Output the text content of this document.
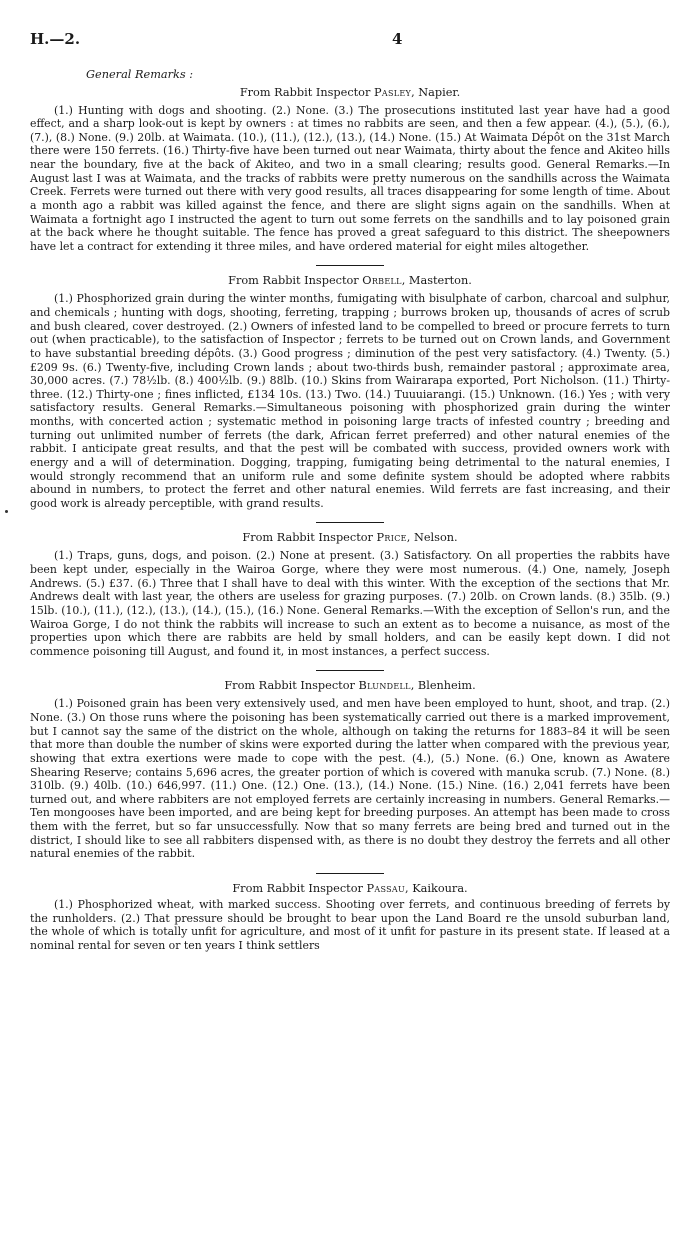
H.—2.	4
General Remarks :
From Rabbit Inspector Pasley, Napier.

(1.) Hunting with dogs and shooting. (2.) None. (3.) The prosecutions instituted last year have had a good effect, and a sharp look-out is kept by owners : at times no rabbits are seen, and then a few appear. (4.), (5.), (6.), (7.), (8.) None. (9.) 20lb. at Waimata. (10.), (11.), (12.), (13.), (14.) None. (15.) At Waimata Dépôt on the 31st March there were 150 ferrets. (16.) Thirty-five have been turned out near Waimata, thirty about the fence and Akiteo hills near the boundary, five at the back of Akiteo, and two in a small clearing; results good. General Remarks.—In August last I was at Waimata, and the tracks of rabbits were pretty numerous on the sandhills across the Waimata Creek. Ferrets were turned out there with very good results, all traces disappearing for some length of time. About a month ago a rabbit was killed against the fence, and there are slight signs again on the sandhills. When at Waimata a fortnight ago I instructed the agent to turn out some ferrets on the sandhills and to lay poisoned grain at the back where he thought suitable. The fence has proved a great safeguard to this district. The sheepowners have let a contract for extending it three miles, and have ordered material for eight miles altogether.

From Rabbit Inspector Orbell, Masterton.

(1.) Phosphorized grain during the winter months, fumigating with bisulphate of carbon, charcoal and sulphur, and chemicals ; hunting with dogs, shooting, ferreting, trapping ; burrows broken up, thousands of acres of scrub and bush cleared, cover destroyed. (2.) Owners of infested land to be compelled to breed or procure ferrets to turn out (when practicable), to the satisfaction of Inspector ; ferrets to be turned out on Crown lands, and Government to have substantial breeding dépôts. (3.) Good progress ; diminution of the pest very satisfactory. (4.) Twenty. (5.) £209 9s. (6.) Twenty-five, including Crown lands ; about two-thirds bush, remainder pastoral ; approximate area, 30,000 acres. (7.) 78½lb. (8.) 400½lb. (9.) 88lb. (10.) Skins from Wairarapa exported, Port Nicholson. (11.) Thirty-three. (12.) Thirty-one ; fines inflicted, £134 10s. (13.) Two. (14.) Tuuuiarangi. (15.) Unknown. (16.) Yes ; with very satisfactory results. General Remarks.—Simultaneous poisoning with phosphorized grain during the winter months, with concerted action ; systematic method in poisoning large tracts of infested country ; breeding and turning out unlimited number of ferrets (the dark, African ferret preferred) and other natural enemies of the rabbit. I anticipate great results, and that the pest will be combated with success, provided owners work with energy and a will of determination. Dogging, trapping, fumigating being detrimental to the natural enemies, I would strongly recommend that an uniform rule and some definite system should be adopted where rabbits abound in numbers, to protect the ferret and other natural enemies. Wild ferrets are fast increasing, and their good work is already perceptible, with grand results.

From Rabbit Inspector Price, Nelson.

(1.) Traps, guns, dogs, and poison. (2.) None at present. (3.) Satisfactory. On all properties the rabbits have been kept under, especially in the Wairoa Gorge, where they were most numerous. (4.) One, namely, Joseph Andrews. (5.) £37. (6.) Three that I shall have to deal with this winter. With the exception of the sections that Mr. Andrews dealt with last year, the others are useless for grazing purposes. (7.) 20lb. on Crown lands. (8.) 35lb. (9.) 15lb. (10.), (11.), (12.), (13.), (14.), (15.), (16.) None. General Remarks.—With the exception of Sellon's run, and the Wairoa Gorge, I do not think the rabbits will increase to such an extent as to become a nuisance, as most of the properties upon which there are rabbits are held by small holders, and can be easily kept down. I did not commence poisoning till August, and found it, in most instances, a perfect success.

From Rabbit Inspector Blundell, Blenheim.

(1.) Poisoned grain has been very extensively used, and men have been employed to hunt, shoot, and trap. (2.) None. (3.) On those runs where the poisoning has been systematically carried out there is a marked improvement, but I cannot say the same of the district on the whole, although on taking the returns for 1883–84 it will be seen that more than double the number of skins were exported during the latter when compared with the previous year, showing that extra exertions were made to cope with the pest. (4.), (5.) None. (6.) One, known as Awatere Shearing Reserve; contains 5,696 acres, the greater portion of which is covered with manuka scrub. (7.) None. (8.) 310lb. (9.) 40lb. (10.) 646,997. (11.) One. (12.) One. (13.), (14.) None. (15.) Nine. (16.) 2,041 ferrets have been turned out, and where rabbiters are not employed ferrets are certainly increasing in numbers. General Remarks.—Ten mongooses have been imported, and are being kept for breeding purposes. An attempt has been made to cross them with the ferret, but so far unsuccessfully. Now that so many ferrets are being bred and turned out in the district, I should like to see all rabbiters dispensed with, as there is no doubt they destroy the ferrets and all other natural enemies of the rabbit.

From Rabbit Inspector Passau, Kaikoura.

(1.) Phosphorized wheat, with marked success. Shooting over ferrets, and continuous breeding of ferrets by the runholders. (2.) That pressure should be brought to bear upon the Land Board re the unsold suburban land, the whole of which is totally unfit for agriculture, and most of it unfit for pasture in its present state. If leased at a nominal rental for seven or ten years I think settlers
